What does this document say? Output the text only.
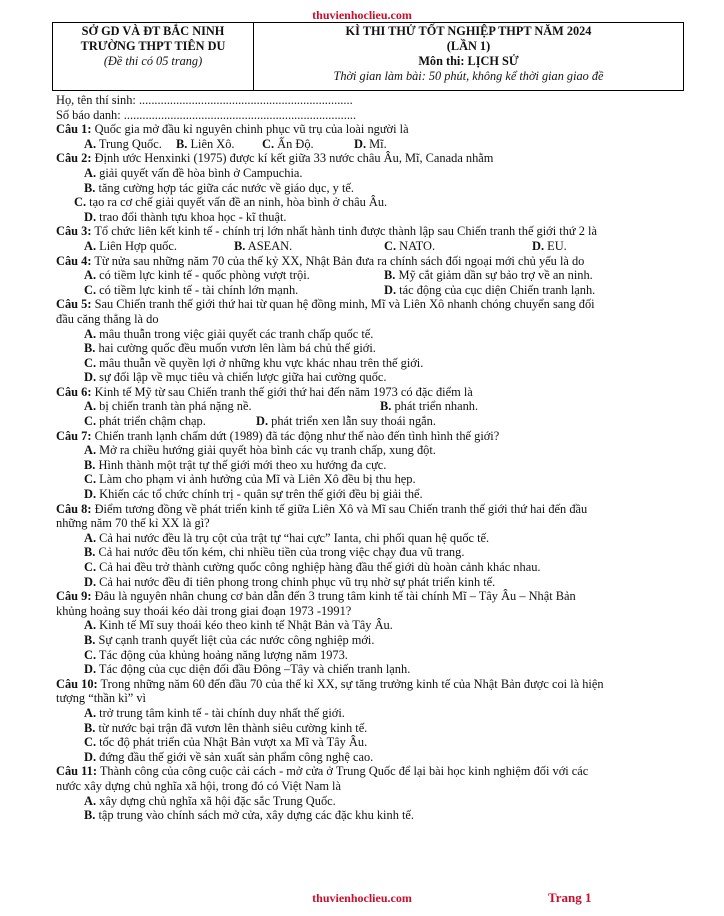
thuvienhoclieu.com
SỞ GD VÀ ĐT BẮC NINH
TRƯỜNG THPT TIÊN DU
(Đề thi có 05 trang)
KÌ THI THỬ TỐT NGHIỆP THPT NĂM 2024
(LẦN 1)
Môn thi: LỊCH SỬ
Thời gian làm bài: 50 phút, không kể thời gian giao đề
Họ, tên thí sinh: .....................................................................
Số báo danh: ...........................................................................
Câu 1: Quốc gia mở đầu kỉ nguyên chinh phục vũ trụ của loài người là
A. Trung Quốc.	B. Liên Xô.	C. Ấn Độ.	D. Mĩ.
Câu 2: Định ước Henxinki (1975) được kí kết giữa 33 nước châu Âu, Mĩ, Canada nhằm
A. giải quyết vấn đề hòa bình ở Campuchia.
B. tăng cường hợp tác giữa các nước về giáo dục, y tế.
C. tạo ra cơ chế giải quyết vấn đề an ninh, hòa bình ở châu Âu.
D. trao đổi thành tựu khoa học - kĩ thuật.
Câu 3: Tổ chức liên kết kinh tế - chính trị lớn nhất hành tinh được thành lập sau Chiến tranh thế giới thứ 2 là
A. Liên Hợp quốc.	B. ASEAN.	C. NATO.	D. EU.
Câu 4: Từ nửa sau những năm 70 của thế kỷ XX, Nhật Bản đưa ra chính sách đối ngoại mới chủ yếu là do
A. có tiềm lực kinh tế - quốc phòng vượt trội.	B. Mỹ cắt giảm dần sự bảo trợ về an ninh.
C. có tiềm lực kinh tế - tài chính lớn mạnh.	D. tác động của cục diện Chiến tranh lạnh.
Câu 5: Sau Chiến tranh thế giới thứ hai từ quan hệ đồng minh, Mĩ và Liên Xô nhanh chóng chuyển sang đối
đầu căng thẳng là do
A. mâu thuẫn trong việc giải quyết các tranh chấp quốc tế.
B. hai cường quốc đều muốn vươn lên làm bá chủ thế giới.
C. mâu thuẫn về quyền lợi ở những khu vực khác nhau trên thế giới.
D. sự đối lập về mục tiêu và chiến lược giữa hai cường quốc.
Câu 6: Kinh tế Mỹ từ sau Chiến tranh thế giới thứ hai đến năm 1973 có đặc điểm là
A. bị chiến tranh tàn phá nặng nề.	B. phát triển nhanh.
C. phát triển chậm chạp.	D. phát triển xen lẫn suy thoái ngắn.
Câu 7: Chiến tranh lạnh chấm dứt (1989) đã tác động như thế nào đến tình hình thế giới?
A. Mở ra chiều hướng giải quyết hòa bình các vụ tranh chấp, xung đột.
B. Hình thành một trật tự thế giới mới theo xu hướng đa cực.
C. Làm cho phạm vi ảnh hưởng của Mĩ và Liên Xô đều bị thu hẹp.
D. Khiến các tổ chức chính trị - quân sự trên thế giới đều bị giải thể.
Câu 8: Điểm tương đồng về phát triển kinh tế giữa Liên Xô và Mĩ sau Chiến tranh thế giới thứ hai đến đầu
những năm 70 thế kỉ XX là gì?
A. Cả hai nước đều là trụ cột của trật tự “hai cực” Ianta, chi phối quan hệ quốc tế.
B. Cả hai nước đều tốn kém, chi nhiều tiền của trong việc chạy đua vũ trang.
C. Cả hai đều trở thành cường quốc công nghiệp hàng đầu thế giới dù hoàn cảnh khác nhau.
D. Cả hai nước đều đi tiên phong trong chinh phục vũ trụ nhờ sự phát triển kinh tế.
Câu 9: Đâu là nguyên nhân chung cơ bản dẫn đến 3 trung tâm kinh tế tài chính Mĩ – Tây Âu – Nhật Bản
khủng hoảng suy thoái kéo dài trong giai đoạn 1973 -1991?
A. Kinh tế Mĩ suy thoái kéo theo kinh tế Nhật Bản và Tây Âu.
B. Sự cạnh tranh quyết liệt của các nước công nghiệp mới.
C. Tác động của khủng hoảng năng lượng năm 1973.
D. Tác động của cục diện đối đầu Đông –Tây và chiến tranh lạnh.
Câu 10: Trong những năm 60 đến đầu 70 của thế kỉ XX, sự tăng trưởng kinh tế của Nhật Bản được coi là hiện
tượng “thần kì” vì
A. trở trung tâm kinh tế - tài chính duy nhất thế giới.
B. từ nước bại trận đã vươn lên thành siêu cường kinh tế.
C. tốc độ phát triển của Nhật Bản vượt xa Mĩ và Tây Âu.
D. đứng đầu thế giới về sản xuất sản phẩm công nghệ cao.
Câu 11: Thành công của công cuộc cải cách - mở cửa ở Trung Quốc để lại bài học kinh nghiệm đối với các
nước xây dựng chủ nghĩa xã hội, trong đó có Việt Nam là
A. xây dựng chủ nghĩa xã hội đặc sắc Trung Quốc.
B. tập trung vào chính sách mở cửa, xây dựng các đặc khu kinh tế.
thuvienhoclieu.com	Trang 1
